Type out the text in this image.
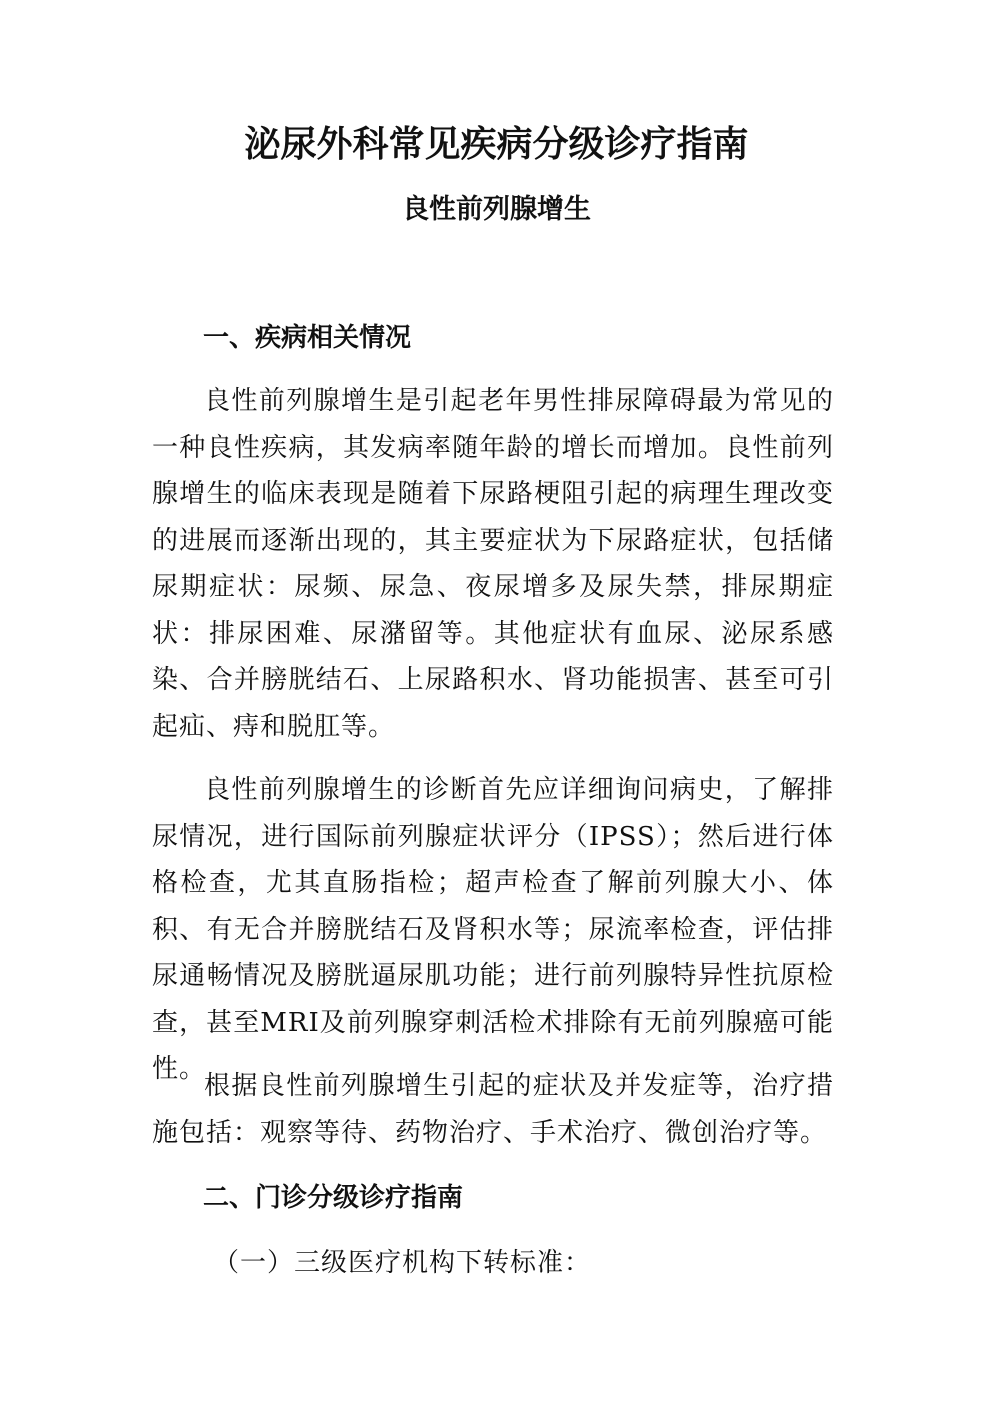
泌尿外科常见疾病分级诊疗指南
良性前列腺增生
一、疾病相关情况
良性前列腺增生是引起老年男性排尿障碍最为常见的一种良性疾病，其发病率随年龄的增长而增加。良性前列腺增生的临床表现是随着下尿路梗阻引起的病理生理改变的进展而逐渐出现的，其主要症状为下尿路症状，包括储尿期症状：尿频、尿急、夜尿增多及尿失禁，排尿期症状：排尿困难、尿潴留等。其他症状有血尿、泌尿系感染、合并膀胱结石、上尿路积水、肾功能损害、甚至可引起疝、痔和脱肛等。
良性前列腺增生的诊断首先应详细询问病史，了解排尿情况，进行国际前列腺症状评分（IPSS）；然后进行体格检查，尤其直肠指检；超声检查了解前列腺大小、体积、有无合并膀胱结石及肾积水等；尿流率检查，评估排尿通畅情况及膀胱逼尿肌功能；进行前列腺特异性抗原检查，甚至MRI及前列腺穿刺活检术排除有无前列腺癌可能性。
根据良性前列腺增生引起的症状及并发症等，治疗措施包括：观察等待、药物治疗、手术治疗、微创治疗等。
二、门诊分级诊疗指南
（一）三级医疗机构下转标准：
